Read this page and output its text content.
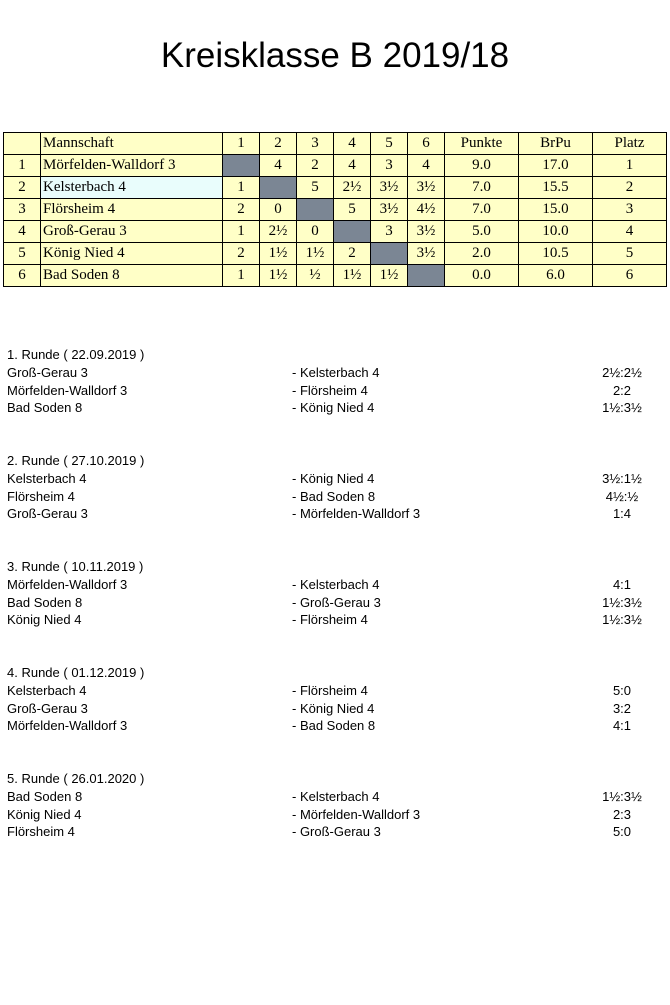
Kreisklasse B 2019/18
	Mannschaft	1	2	3	4	5	6	Punkte	BrPu	Platz
1	Mörfelden-Walldorf 3		4	2	4	3	4	9.0	17.0	1
2	Kelsterbach 4	1		5	2½	3½	3½	7.0	15.5	2
3	Flörsheim 4	2	0		5	3½	4½	7.0	15.0	3
4	Groß-Gerau 3	1	2½	0		3	3½	5.0	10.0	4
5	König Nied 4	2	1½	1½	2		3½	2.0	10.5	5
6	Bad Soden 8	1	1½	½	1½	1½		0.0	6.0	6
1. Runde ( 22.09.2019 )
Groß-Gerau 3	- Kelsterbach 4	2½:2½
Mörfelden-Walldorf 3	- Flörsheim 4	2:2
Bad Soden 8	- König Nied 4	1½:3½
2. Runde ( 27.10.2019 )
Kelsterbach 4	- König Nied 4	3½:1½
Flörsheim 4	- Bad Soden 8	4½:½
Groß-Gerau 3	- Mörfelden-Walldorf 3	1:4
3. Runde ( 10.11.2019 )
Mörfelden-Walldorf 3	- Kelsterbach 4	4:1
Bad Soden 8	- Groß-Gerau 3	1½:3½
König Nied 4	- Flörsheim 4	1½:3½
4. Runde ( 01.12.2019 )
Kelsterbach 4	- Flörsheim 4	5:0
Groß-Gerau 3	- König Nied 4	3:2
Mörfelden-Walldorf 3	- Bad Soden 8	4:1
5. Runde ( 26.01.2020 )
Bad Soden 8	- Kelsterbach 4	1½:3½
König Nied 4	- Mörfelden-Walldorf 3	2:3
Flörsheim 4	- Groß-Gerau 3	5:0
